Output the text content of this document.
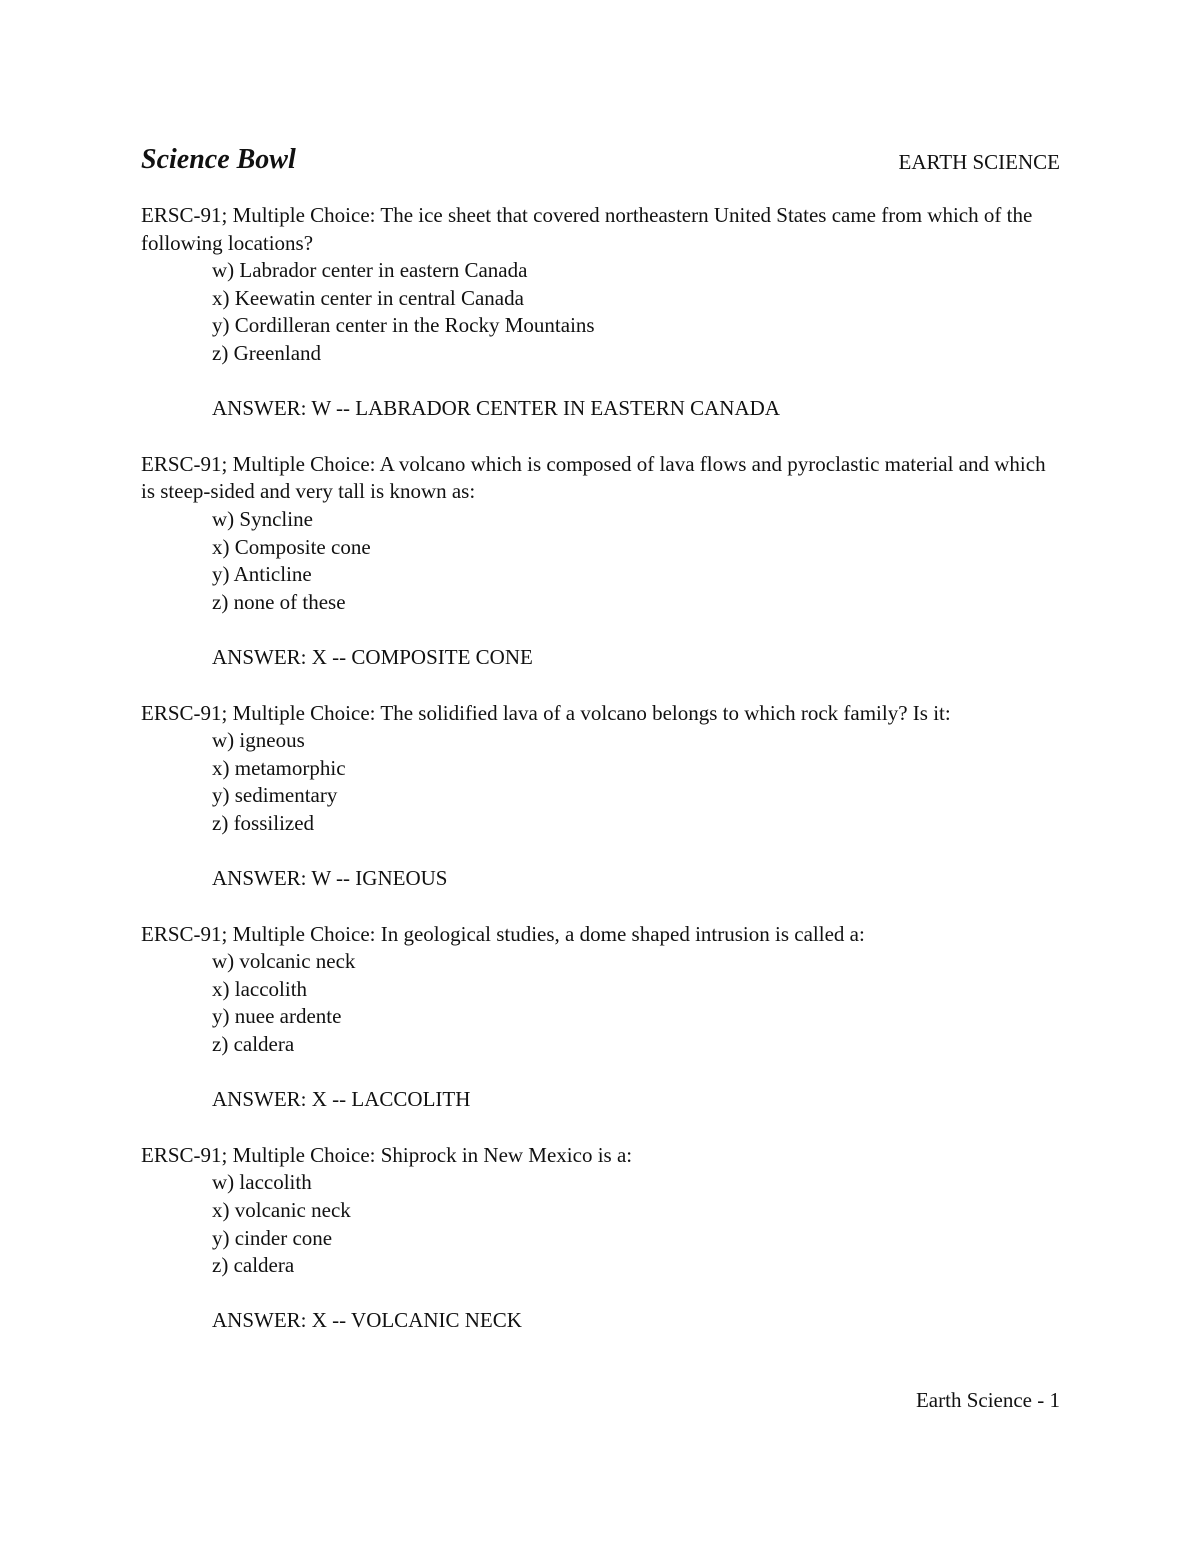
Science Bowl	EARTH SCIENCE

ERSC-91; Multiple Choice: The ice sheet that covered northeastern United States came from which of the following locations?

w) Labrador center in eastern Canada

x) Keewatin center in central Canada

y) Cordilleran center in the Rocky Mountains

z) Greenland

ANSWER: W -- LABRADOR CENTER IN EASTERN CANADA

ERSC-91; Multiple Choice: A volcano which is composed of lava flows and pyroclastic material and which is steep-sided and very tall is known as:

w) Syncline

x) Composite cone

y) Anticline

z) none of these

ANSWER: X -- COMPOSITE CONE

ERSC-91; Multiple Choice: The solidified lava of a volcano belongs to which rock family? Is it:

w) igneous

x) metamorphic

y) sedimentary

z) fossilized

ANSWER: W -- IGNEOUS

ERSC-91; Multiple Choice: In geological studies, a dome shaped intrusion is called a:

w) volcanic neck

x) laccolith

y) nuee ardente

z) caldera

ANSWER: X -- LACCOLITH

ERSC-91; Multiple Choice: Shiprock in New Mexico is a:

w) laccolith

x) volcanic neck

y) cinder cone

z) caldera

ANSWER: X -- VOLCANIC NECK

Earth Science - 1
